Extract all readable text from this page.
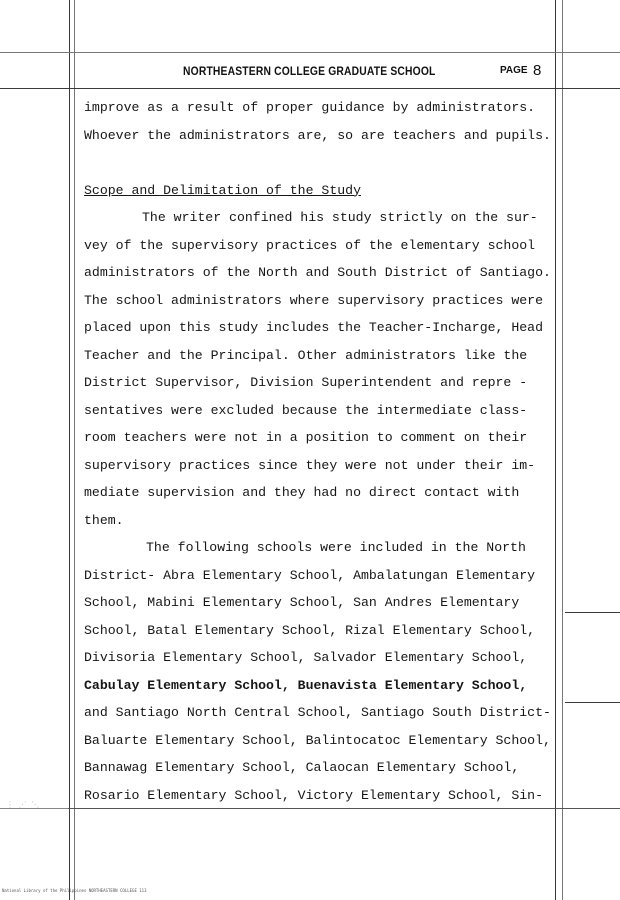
NORTHEASTERN COLLEGE GRADUATE SCHOOL	PAGE 8
improve as a result of proper guidance by administrators.
Whoever the administrators are, so are teachers and pupils.
Scope and Delimitation of the Study
The writer confined his study strictly on the sur-
vey of the supervisory practices of the elementary school
administrators of the North and South District of Santiago.
The school administrators where supervisory practices were
placed upon this study includes the Teacher-Incharge, Head
Teacher and the Principal. Other administrators like the
District Supervisor, Division Superintendent and repre -
sentatives were excluded because the intermediate class-
room teachers were not in a position to comment on their
supervisory practices since they were not under their im-
mediate supervision and they had no direct contact with
them.
The following schools were included in the North
District- Abra Elementary School, Ambalatungan Elementary
School, Mabini Elementary School, San Andres Elementary
School, Batal Elementary School, Rizal Elementary School,
Divisoria Elementary School, Salvador Elementary School,
Cabulay Elementary School, Buenavista Elementary School,
and Santiago North Central School, Santiago South District-
Baluarte Elementary School, Balintocatoc Elementary School,
Bannawag Elementary School, Calaocan Elementary School,
Rosario Elementary School, Victory Elementary School, Sin-
⋮ ⋰ ⋱
National Library of the Philippines NORTHEASTERN COLLEGE 113
